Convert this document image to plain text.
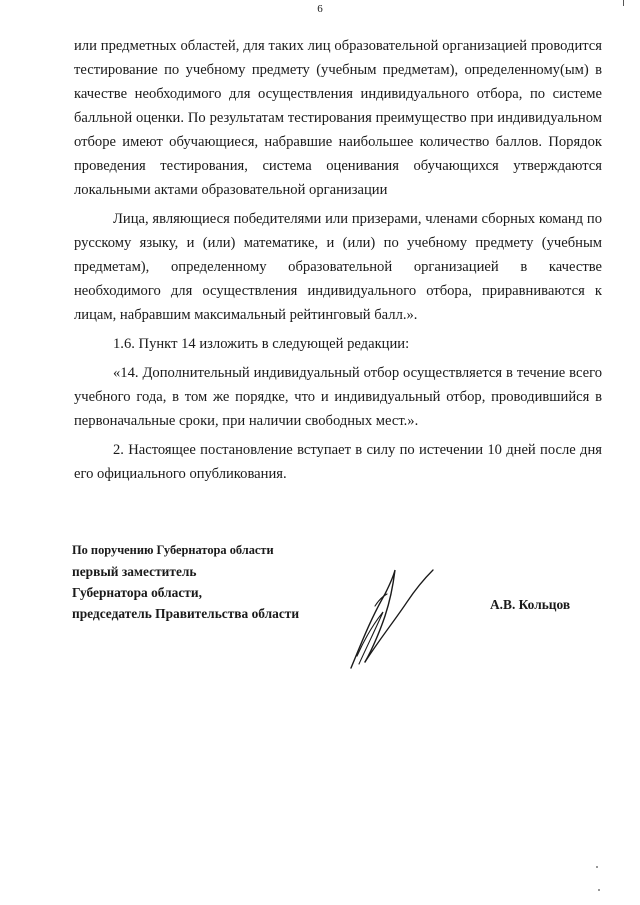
6

или предметных областей, для таких лиц образовательной организацией проводится тестирование по учебному предмету (учебным предметам), определенному(ым) в качестве необходимого для осуществления индивидуального отбора, по системе балльной оценки. По результатам тестирования преимущество при индивидуальном отборе имеют обучающиеся, набравшие наибольшее количество баллов. Порядок проведения тестирования, система оценивания обучающихся утверждаются локальными актами образовательной организации

Лица, являющиеся победителями или призерами, членами сборных команд по русскому языку, и (или) математике, и (или) по учебному предмету (учебным предметам), определенному образовательной организацией в качестве необходимого для осуществления индивидуального отбора, приравниваются к лицам, набравшим максимальный рейтинговый балл.».

1.6. Пункт 14 изложить в следующей редакции:

«14. Дополнительный индивидуальный отбор осуществляется в течение всего учебного года, в том же порядке, что и индивидуальный отбор, проводившийся в первоначальные сроки, при наличии свободных мест.».

2. Настоящее постановление вступает в силу по истечении 10 дней после дня его официального опубликования.

По поручению Губернатора области
первый заместитель
Губернатора области,
председатель Правительства области
А.В. Кольцов
